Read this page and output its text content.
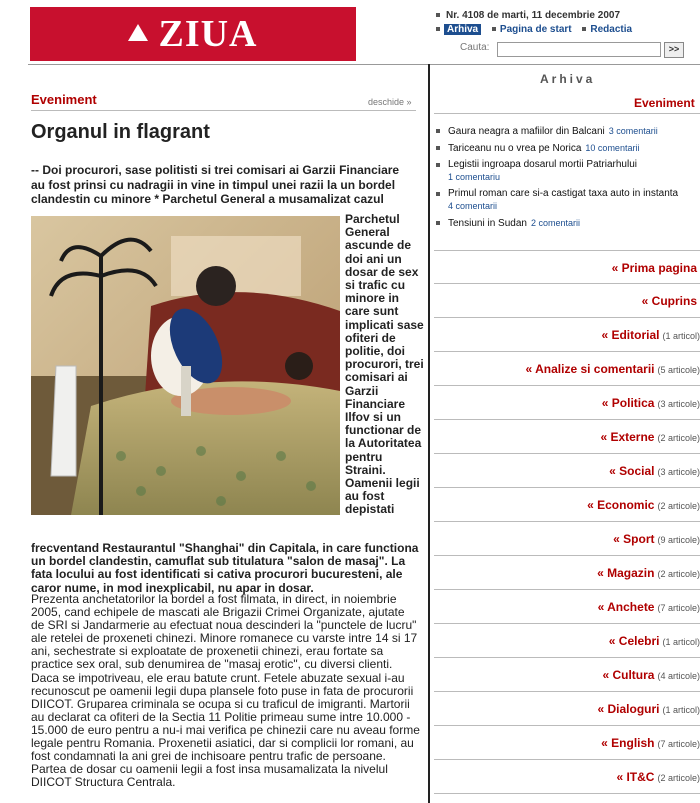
ZIUA	Nr. 4108 de marti, 11 decembrie 2007
Arhiva Pagina de start Redactia
Cauta:	>>
Eveniment	deschide »
Organul in flagrant
-- Doi procurori, sase politisti si trei comisari ai Garzii Financiare au fost prinsi cu nadragii in vine in timpul unei razii la un bordel clandestin cu minore * Parchetul General a musamalizat cazul
Parchetul General ascunde de doi ani un dosar de sex si trafic cu minore in care sunt implicati sase ofiteri de politie, doi procurori, trei comisari ai Garzii Financiare Ilfov si un functionar de la Autoritatea pentru Straini. Oamenii legii au fost depistati
frecventand Restaurantul "Shanghai" din Capitala, in care functiona un bordel clandestin, camuflat sub titulatura "salon de masaj". La fata locului au fost identificati si cativa procurori bucuresteni, ale caror nume, in mod inexplicabil, nu apar in dosar.
Prezenta anchetatorilor la bordel a fost filmata, in direct, in noiembrie 2005, cand echipele de mascati ale Brigazii Crimei Organizate, ajutate de SRI si Jandarmerie au efectuat noua descinderi la "punctele de lucru" ale retelei de proxeneti chinezi. Minore romanece cu varste intre 14 si 17 ani, sechestrate si exploatate de proxenetii chinezi, erau fortate sa practice sex oral, sub denumirea de "masaj erotic", cu diversi clienti. Daca se impotriveau, ele erau batute crunt. Fetele abuzate sexual i-au recunoscut pe oamenii legii dupa plansele foto puse in fata de procurorii DIICOT. Gruparea criminala se ocupa si cu traficul de imigranti. Martorii au declarat ca ofiteri de la Sectia 11 Politie primeau sume intre 10.000 - 15.000 de euro pentru a nu-i mai verifica pe chinezii care nu aveau forme legale pentru Romania. Proxenetii asiatici, dar si complicii lor romani, au fost condamnati la ani grei de inchisoare pentru trafic de persoane. Partea de dosar cu oamenii legii a fost insa musamalizata la nivelul DIICOT Structura Centrala.
Arhiva
Eveniment
Gaura neagra a mafiilor din Balcani 3 comentarii
Tariceanu nu o vrea pe Norica 10 comentarii
Legistii ingroapa dosarul mortii Patriarhului
1 comentariu
Primul roman care si-a castigat taxa auto in instanta
4 comentarii
Tensiuni in Sudan 2 comentarii
« Prima pagina
« Cuprins
« Editorial (1 articol)
« Analize si comentarii (5 articole)
« Politica (3 articole)
« Externe (2 articole)
« Social (3 articole)
« Economic (2 articole)
« Sport (9 articole)
« Magazin (2 articole)
« Anchete (7 articole)
« Celebri (1 articol)
« Cultura (4 articole)
« Dialoguri (1 articol)
« English (7 articole)
« IT&C (2 articole)
